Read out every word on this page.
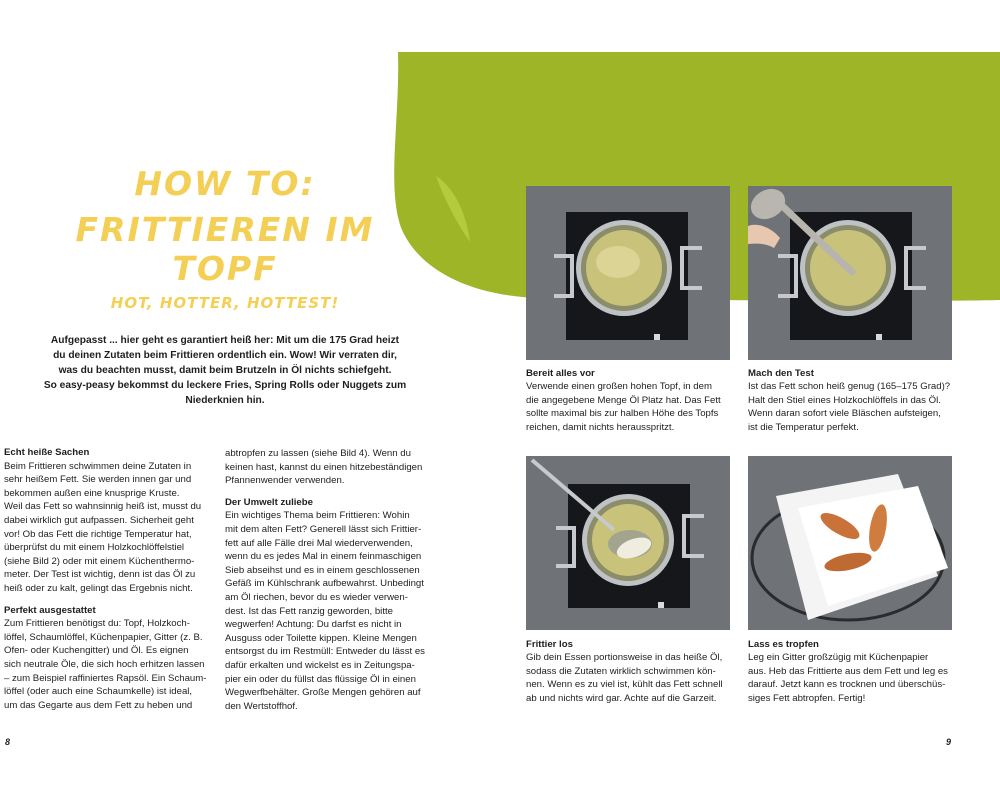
HOW TO:
FRITTIEREN IM TOPF
HOT, HOTTER, HOTTEST!
Aufgepasst ... hier geht es garantiert heiß her: Mit um die 175 Grad heizt
du deinen Zutaten beim Frittieren ordentlich ein. Wow! Wir verraten dir,
was du beachten musst, damit beim Brutzeln in Öl nichts schiefgeht.
So easy-peasy bekommst du leckere Fries, Spring Rolls oder Nuggets zum
Niederknien hin.
Echt heiße Sachen

Beim Frittieren schwimmen deine Zutaten in
sehr heißem Fett. Sie werden innen gar und
bekommen außen eine knusprige Kruste.
Weil das Fett so wahnsinnig heiß ist, musst du
dabei wirklich gut aufpassen. Sicherheit geht
vor! Ob das Fett die richtige Temperatur hat,
überprüfst du mit einem Holzkochlöffelstiel
(siehe Bild 2) oder mit einem Küchenthermo-
meter. Der Test ist wichtig, denn ist das Öl zu
heiß oder zu kalt, gelingt das Ergebnis nicht.

Perfekt ausgestattet

Zum Frittieren benötigst du: Topf, Holzkoch-
löffel, Schaumlöffel, Küchenpapier, Gitter (z. B.
Ofen- oder Kuchengitter) und Öl. Es eignen
sich neutrale Öle, die sich hoch erhitzen lassen
– zum Beispiel raffiniertes Rapsöl. Ein Schaum-
löffel (oder auch eine Schaumkelle) ist ideal,
um das Gegarte aus dem Fett zu heben und

abtropfen zu lassen (siehe Bild 4). Wenn du
keinen hast, kannst du einen hitzebeständigen
Pfannenwender verwenden.

Der Umwelt zuliebe

Ein wichtiges Thema beim Frittieren: Wohin
mit dem alten Fett? Generell lässt sich Frittier-
fett auf alle Fälle drei Mal wiederverwenden,
wenn du es jedes Mal in einem feinmaschigen
Sieb abseihst und es in einem geschlossenen
Gefäß im Kühlschrank aufbewahrst. Unbedingt
am Öl riechen, bevor du es wieder verwen-
dest. Ist das Fett ranzig geworden, bitte
wegwerfen! Achtung: Du darfst es nicht in
Ausguss oder Toilette kippen. Kleine Mengen
entsorgst du im Restmüll: Entweder du lässt es
dafür erkalten und wickelst es in Zeitungspa-
pier ein oder du füllst das flüssige Öl in einen
Wegwerfbehälter. Große Mengen gehören auf
den Wertstoffhof.

Bereit alles vor
Verwende einen großen hohen Topf, in dem
die angegebene Menge Öl Platz hat. Das Fett
sollte maximal bis zur halben Höhe des Topfs
reichen, damit nichts herausspritzt.
Mach den Test
Ist das Fett schon heiß genug (165–175 Grad)?
Halt den Stiel eines Holzkochlöffels in das Öl.
Wenn daran sofort viele Bläschen aufsteigen,
ist die Temperatur perfekt.
Frittier los
Gib dein Essen portionsweise in das heiße Öl,
sodass die Zutaten wirklich schwimmen kön-
nen. Wenn es zu viel ist, kühlt das Fett schnell
ab und nichts wird gar. Achte auf die Garzeit.
Lass es tropfen
Leg ein Gitter großzügig mit Küchenpapier
aus. Heb das Frittierte aus dem Fett und leg es
darauf. Jetzt kann es trocknen und überschüs-
siges Fett abtropfen. Fertig!
8	9
